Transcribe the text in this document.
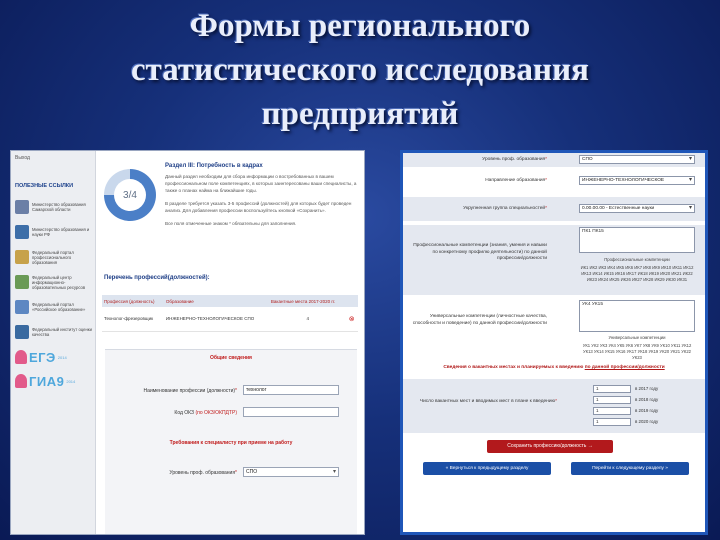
Формы регионального
статистического исследования
предприятий
Выход
ПОЛЕЗНЫЕ ССЫЛКИ
Министерство образования Самарской области
Министерство образования и науки РФ
Федеральный портал профессионального образования
Федеральный центр информационно-образовательных ресурсов
Федеральный портал «Российское образование»
Федеральный институт оценки качества
ЕГЭ 2014
ГИА9 2014
3/4
Раздел III: Потребность в кадрах

Данный раздел необходим для сбора информации о востребованных в вашем профессиональном поле компетенциях, в которых заинтересованы ваши специалисты, а также о планах найма на ближайшие годы.

В разделе требуется указать 3-5 профессий (должностей) для которых будет проведен анализ. Для добавления профессии воспользуйтесь кнопкой «Сохранить».

Все поля отмеченные знаком * обязательны для заполнения.

Перечень профессий(должностей):
Профессия (должность)	Образование	Вакантные места 2017-2020 гг.	
Технолог-фрезеровщик	ИНЖЕНЕРНО-ТЕХНОЛОГИЧЕСКОЕ СПО	4	⊗
Общие сведения
Наименование профессии (должности)*	технолог
Код ОКЗ (по ОКЗ/ОКПДТР)
Требования к специалисту при приеме на работу
Уровень проф. образования*	СПО ▾
Уровень проф. образования*	СПО ▾
Направление образования*	ИНЖЕНЕРНО-ТЕХНОЛОГИЧЕСКОЕ ▾
Укрупненная группа специальностей*	0.00.00.00 - Естественные науки ▾
Профессиональные компетенции (знания, умения и навыки по конкретному профилю деятельности) по данной профессии/должности
ПК1 ПК15
Профессиональные компетенции
ИК1 ИК2 ИК3 ИК4 ИК5 ИК6 ИК7 ИК8 ИК9 ИК10 ИК11 ИК12 ИК13 ИК14 ИК15 ИК16 ИК17 ИК18 ИК19 ИК20 ИК21 ИК22 ИК23 ИК24 ИК25 ИК26 ИК27 ИК28 ИК29 ИК30 ИК31
Универсальные компетенции (личностные качества, способности и поведение) по данной профессии/должности
УК4 УК15
Универсальные компетенции
УК1 УК2 УК3 УК4 УК5 УК6 УК7 УК8 УК9 УК10 УК11 УК12 УК13 УК14 УК15 УК16 УК17 УК18 УК19 УК20 УК21 УК22 УК23
Сведения о вакантных местах и планируемых к введению по данной профессии/должности
Число вакантных мест и вводимых мест в плане к введению*
1	в 2017 году
1	в 2018 году
1	в 2019 году
1	в 2020 году
Сохранить профессию/должность →
« Вернуться к предыдущему разделу	Перейти к следующему разделу »
